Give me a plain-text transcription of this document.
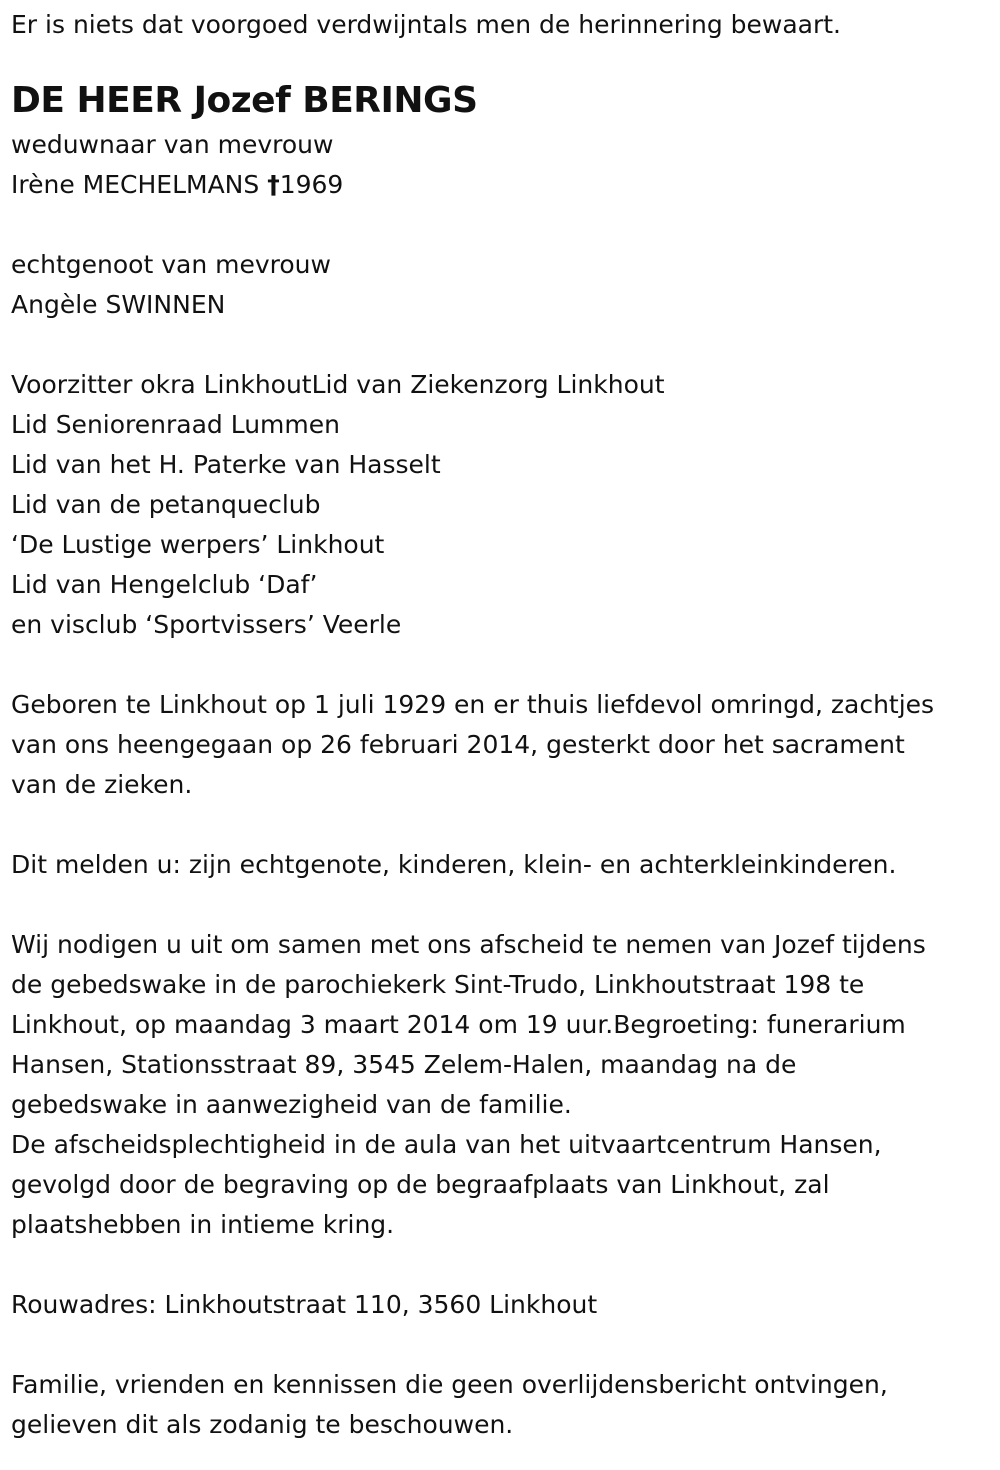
Er is niets dat voorgoed verdwijntals men de herinnering bewaart.

DE HEER Jozef BERINGS

weduwnaar van mevrouw

Irène MECHELMANS †1969

echtgenoot van mevrouw

Angèle SWINNEN

Voorzitter okra LinkhoutLid van Ziekenzorg Linkhout

Lid Seniorenraad Lummen

Lid van het H. Paterke van Hasselt

Lid van de petanqueclub

‘De Lustige werpers’ Linkhout

Lid van Hengelclub ‘Daf’

en visclub ‘Sportvissers’ Veerle

Geboren te Linkhout op 1 juli 1929 en er thuis liefdevol omringd, zachtjes

van ons heengegaan op 26 februari 2014, gesterkt door het sacrament

van de zieken.

Dit melden u: zijn echtgenote, kinderen, klein- en achterkleinkinderen.

Wij nodigen u uit om samen met ons afscheid te nemen van Jozef tijdens

de gebedswake in de parochiekerk Sint-Trudo, Linkhoutstraat 198 te

Linkhout, op maandag 3 maart 2014 om 19 uur.Begroeting: funerarium

Hansen, Stationsstraat 89, 3545 Zelem-Halen, maandag na de

gebedswake in aanwezigheid van de familie.

De afscheidsplechtigheid in de aula van het uitvaartcentrum Hansen,

gevolgd door de begraving op de begraafplaats van Linkhout, zal

plaatshebben in intieme kring.

Rouwadres: Linkhoutstraat 110, 3560 Linkhout

Familie, vrienden en kennissen die geen overlijdensbericht ontvingen,

gelieven dit als zodanig te beschouwen.
